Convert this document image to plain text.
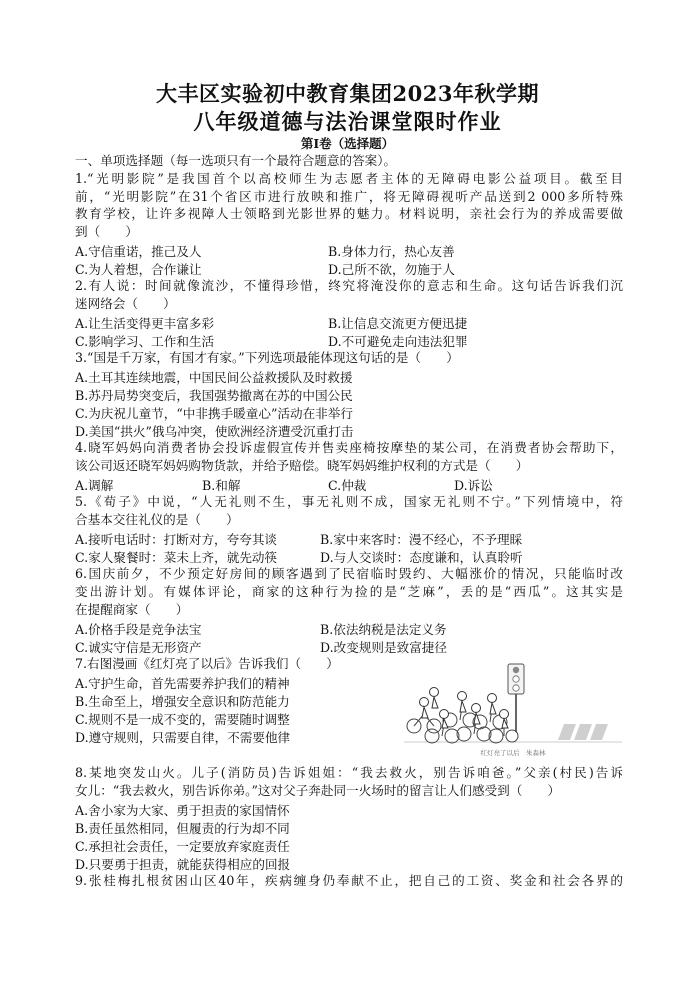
大丰区实验初中教育集团2023年秋学期
八年级道德与法治课堂限时作业
第Ⅰ卷（选择题）
一、单项选择题（每一选项只有一个最符合题意的答案）。
1.“光明影院”是我国首个以高校师生为志愿者主体的无障碍电影公益项目。截至目
前，“光明影院”在31个省区市进行放映和推广，将无障碍视听产品送到2 000多所特殊
教育学校，让许多视障人士领略到光影世界的魅力。材料说明，亲社会行为的养成需要做
到（　　）
A.守信重诺，推己及人	B.身体力行，热心友善
C.为人着想，合作谦让	D.己所不欲，勿施于人
2.有人说：时间就像流沙，不懂得珍惜，终究将淹没你的意志和生命。这句话告诉我们沉
迷网络会（　　）
A.让生活变得更丰富多彩	B.让信息交流更方便迅捷
C.影响学习、工作和生活	D.不可避免走向违法犯罪
3.“国是千万家，有国才有家。”下列选项最能体现这句话的是（　　）
A.土耳其连续地震，中国民间公益救援队及时救援
B.苏丹局势突变后，我国强势撤离在苏的中国公民
C.为庆祝儿童节，“中非携手暖童心”活动在非举行
D.美国“拱火”俄乌冲突，使欧洲经济遭受沉重打击
4.晓军妈妈向消费者协会投诉虚假宣传并售卖座椅按摩垫的某公司，在消费者协会帮助下，
该公司返还晓军妈妈购物货款，并给予赔偿。晓军妈妈维护权利的方式是（　　）
A.调解	B.和解	C.仲裁	D.诉讼
5.《荀子》中说，“人无礼则不生，事无礼则不成，国家无礼则不宁。”下列情境中，符
合基本交往礼仪的是（　　）
A.接听电话时：打断对方，夸夸其谈	B.家中来客时：漫不经心，不予理睬
C.家人聚餐时：菜未上齐，就先动筷	D.与人交谈时：态度谦和，认真聆听
6.国庆前夕，不少预定好房间的顾客遇到了民宿临时毁约、大幅涨价的情况，只能临时改
变出游计划。有媒体评论，商家的这种行为捡的是“芝麻”，丢的是“西瓜”。这其实是
在提醒商家（　　）
A.价格手段是竞争法宝	B.依法纳税是法定义务
C.诚实守信是无形资产	D.改变规则是致富捷径
7.右图漫画《红灯亮了以后》告诉我们（　　）
A.守护生命，首先需要养护我们的精神
B.生命至上，增强安全意识和防范能力
C.规则不是一成不变的，需要随时调整
D.遵守规则，只需要自律，不需要他律
红灯亮了以后　朱森林
8.某地突发山火。儿子(消防员)告诉姐姐：“我去救火，别告诉咱爸。”父亲(村民)告诉
女儿：“我去救火，别告诉你弟。”这对父子奔赴同一火场时的留言让人们感受到（　　）
A.舍小家为大家、勇于担责的家国情怀
B.责任虽然相同，但履责的行为却不同
C.承担社会责任，一定要放弃家庭责任
D.只要勇于担责，就能获得相应的回报
9.张桂梅扎根贫困山区40年，疾病缠身仍奉献不止，把自己的工资、奖金和社会各界的
